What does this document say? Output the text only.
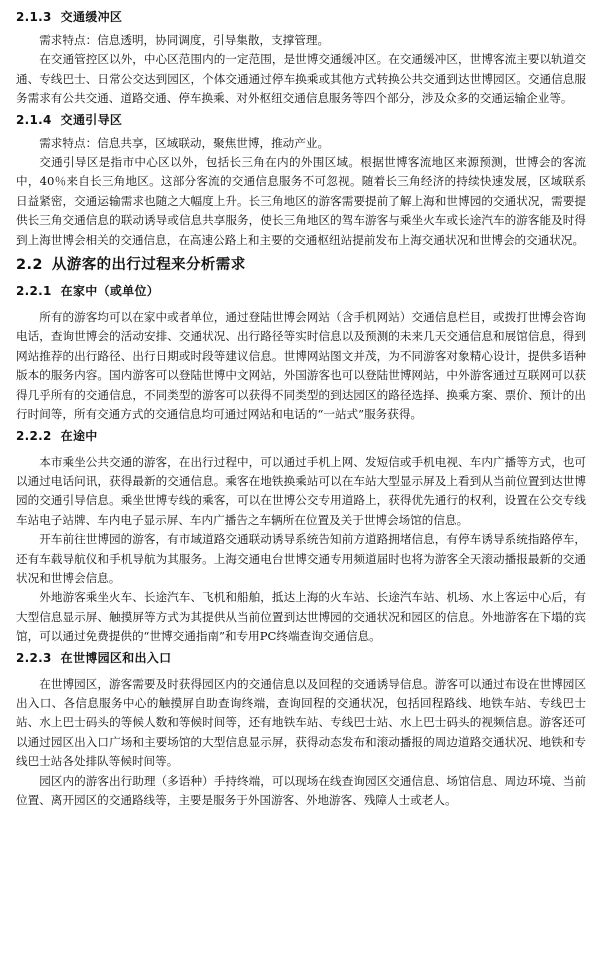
2.1.3 交通缓冲区

需求特点：信息透明，协同调度，引导集散，支撑管理。

在交通管控区以外，中心区范围内的一定范围，是世博交通缓冲区。在交通缓冲区，世博客流主要以轨道交通、专线巴士、日常公交达到园区，个体交通通过停车换乘或其他方式转换公共交通到达世博园区。交通信息服务需求有公共交通、道路交通、停车换乘、对外枢纽交通信息服务等四个部分，涉及众多的交通运输企业等。

2.1.4 交通引导区

需求特点：信息共享，区域联动，聚焦世博，推动产业。

交通引导区是指市中心区以外，包括长三角在内的外围区域。根据世博客流地区来源预测，世博会的客流中，40％来自长三角地区。这部分客流的交通信息服务不可忽视。随着长三角经济的持续快速发展，区域联系日益紧密，交通运输需求也随之大幅度上升。长三角地区的游客需要提前了解上海和世博园的交通状况，需要提供长三角交通信息的联动诱导或信息共享服务，使长三角地区的驾车游客与乘坐火车或长途汽车的游客能及时得到上海世博会相关的交通信息，在高速公路上和主要的交通枢纽站提前发布上海交通状况和世博会的交通状况。

2.2 从游客的出行过程来分析需求
2.2.1 在家中（或单位）

所有的游客均可以在家中或者单位，通过登陆世博会网站（含手机网站）交通信息栏目，或拨打世博会咨询电话，查询世博会的活动安排、交通状况、出行路径等实时信息以及预测的未来几天交通信息和展馆信息，得到网站推荐的出行路径、出行日期或时段等建议信息。世博网站图文并茂，为不同游客对象精心设计，提供多语种版本的服务内容。国内游客可以登陆世博中文网站，外国游客也可以登陆世博网站，中外游客通过互联网可以获得几乎所有的交通信息，不同类型的游客可以获得不同类型的到达园区的路径选择、换乘方案、票价、预计的出行时间等，所有交通方式的交通信息均可通过网站和电话的“一站式”服务获得。

2.2.2 在途中

本市乘坐公共交通的游客，在出行过程中，可以通过手机上网、发短信或手机电视、车内广播等方式，也可以通过电话问讯，获得最新的交通信息。乘客在地铁换乘站可以在车站大型显示屏及上看到从当前位置到达世博园的交通引导信息。乘坐世博专线的乘客，可以在世博公交专用道路上，获得优先通行的权利，设置在公交专线车站电子站牌、车内电子显示屏、车内广播告之车辆所在位置及关于世博会场馆的信息。

开车前往世博园的游客，有市域道路交通联动诱导系统告知前方道路拥堵信息，有停车诱导系统指路停车，还有车载导航仪和手机导航为其服务。上海交通电台世博交通专用频道届时也将为游客全天滚动播报最新的交通状况和世博会信息。

外地游客乘坐火车、长途汽车、飞机和船舶，抵达上海的火车站、长途汽车站、机场、水上客运中心后，有大型信息显示屏、触摸屏等方式为其提供从当前位置到达世博园的交通状况和园区的信息。外地游客在下塌的宾馆，可以通过免费提供的“世博交通指南”和专用PC终端查询交通信息。

2.2.3 在世博园区和出入口

在世博园区，游客需要及时获得园区内的交通信息以及回程的交通诱导信息。游客可以通过布设在世博园区出入口、各信息服务中心的触摸屏自助查询终端，查询回程的交通状况，包括回程路线、地铁车站、专线巴士站、水上巴士码头的等候人数和等候时间等，还有地铁车站、专线巴士站、水上巴士码头的视频信息。游客还可以通过园区出入口广场和主要场馆的大型信息显示屏，获得动态发布和滚动播报的周边道路交通状况、地铁和专线巴士站各处排队等候时间等。

园区内的游客出行助理（多语种）手持终端，可以现场在线查询园区交通信息、场馆信息、周边环境、当前位置、离开园区的交通路线等，主要是服务于外国游客、外地游客、残障人士或老人。
